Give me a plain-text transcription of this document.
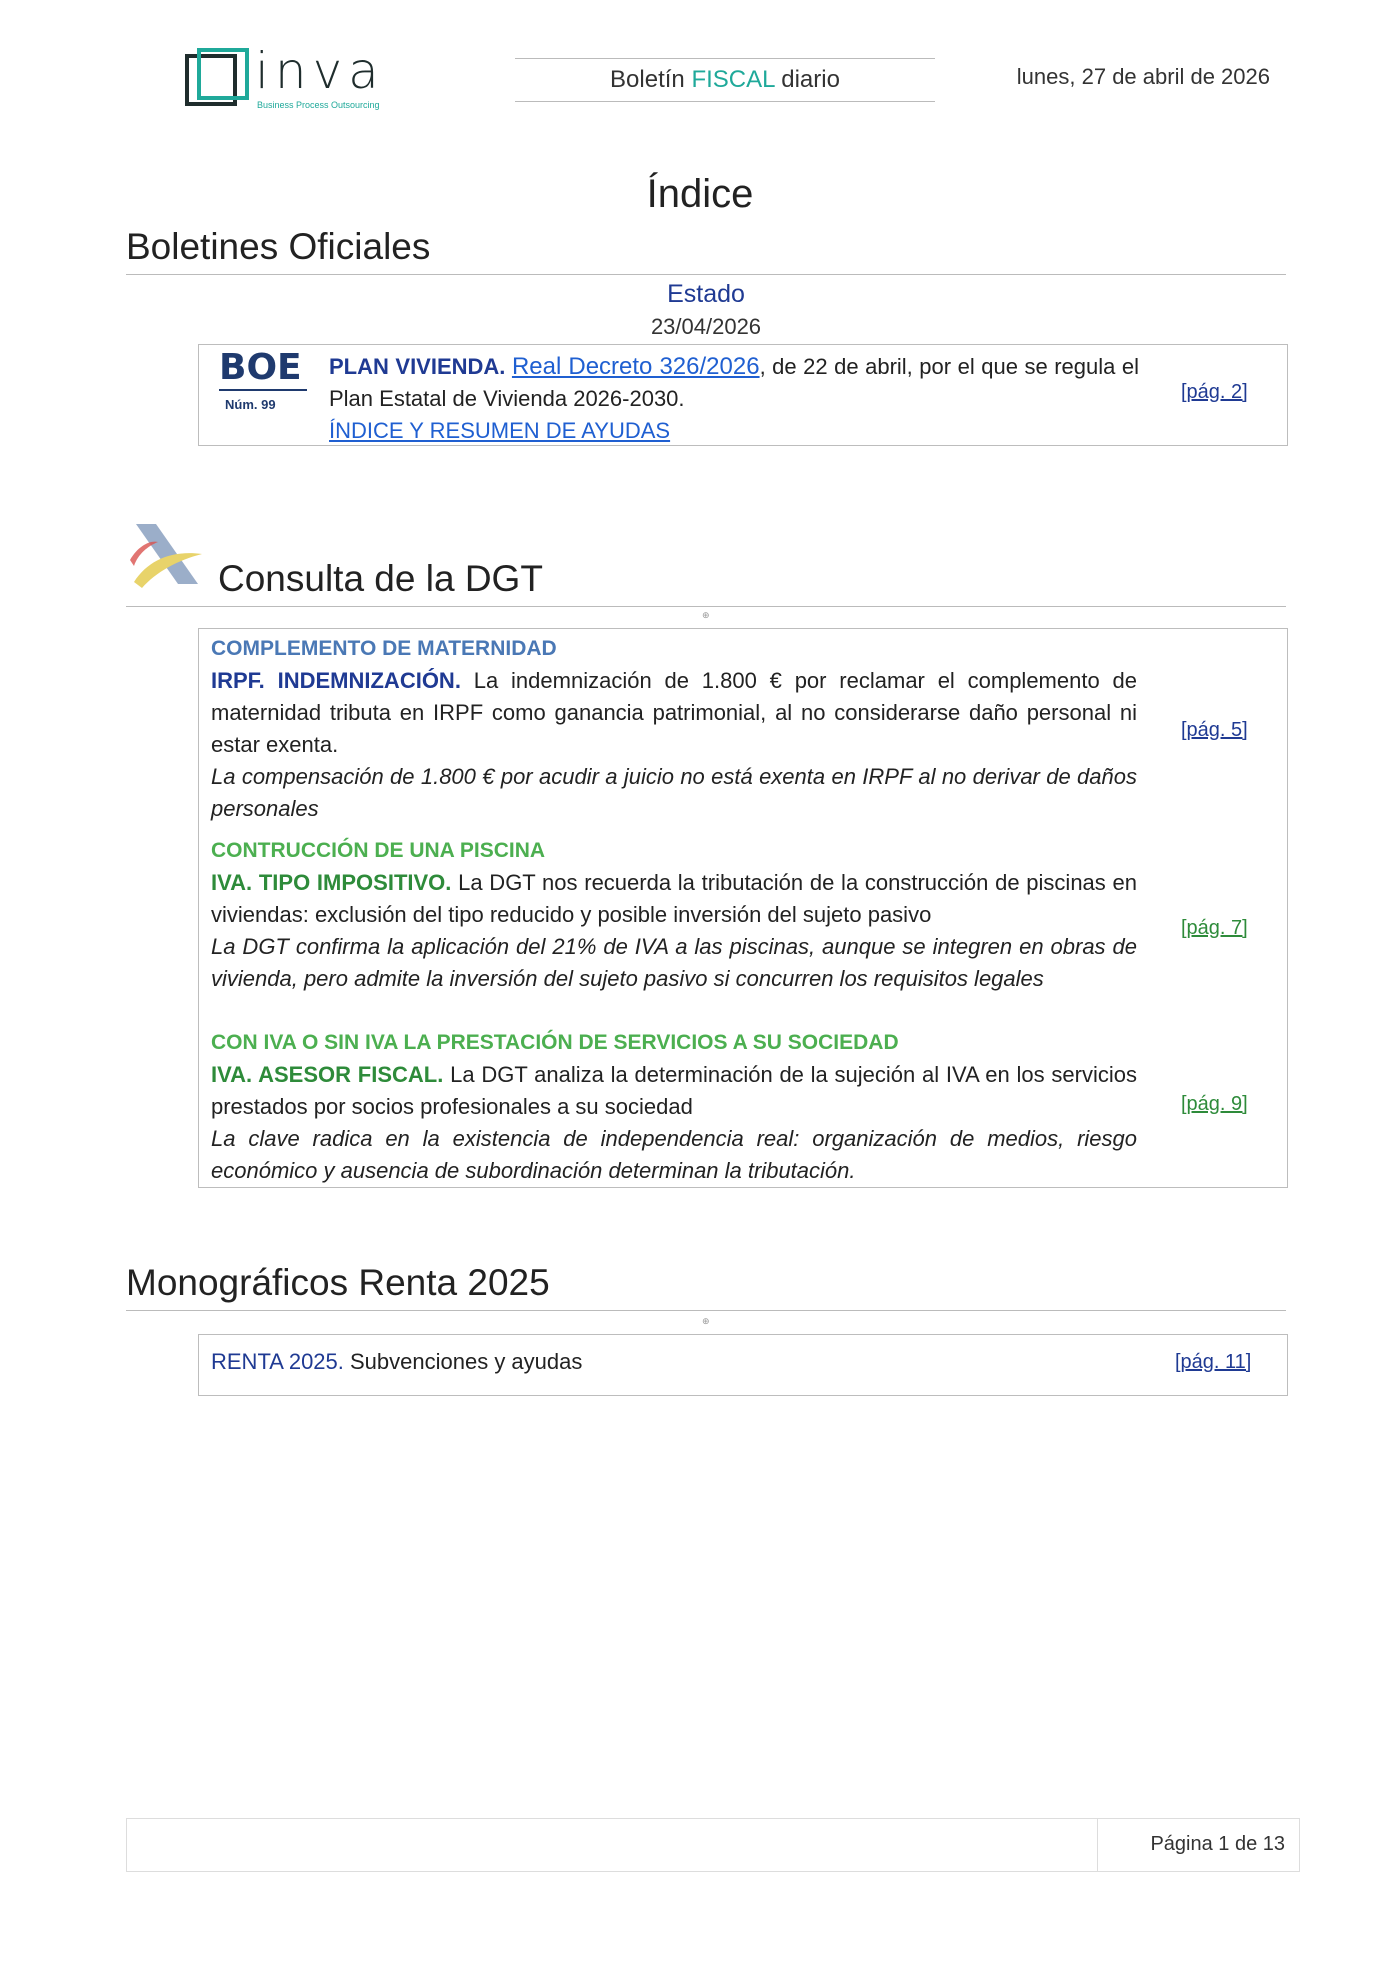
inva
Business Process Outsourcing
Boletín FISCAL diario	lunes, 27 de abril de 2026
Índice
Boletines Oficiales
Estado
23/04/2026
BOE
Núm. 99
PLAN VIVIENDA. Real Decreto 326/2026, de 22 de abril, por el que se regula el Plan Estatal de Vivienda 2026-2030.
ÍNDICE Y RESUMEN DE AYUDAS
[pág. 2]
Consulta de la DGT
⊕
COMPLEMENTO DE MATERNIDAD
IRPF. INDEMNIZACIÓN. La indemnización de 1.800 € por reclamar el complemento de maternidad tributa en IRPF como ganancia patrimonial, al no considerarse daño personal ni estar exenta.
La compensación de 1.800 € por acudir a juicio no está exenta en IRPF al no derivar de daños personales
[pág. 5]
CONTRUCCIÓN DE UNA PISCINA
IVA. TIPO IMPOSITIVO. La DGT nos recuerda la tributación de la construcción de piscinas en viviendas: exclusión del tipo reducido y posible inversión del sujeto pasivo
La DGT confirma la aplicación del 21% de IVA a las piscinas, aunque se integren en obras de vivienda, pero admite la inversión del sujeto pasivo si concurren los requisitos legales
[pág. 7]
CON IVA O SIN IVA LA PRESTACIÓN DE SERVICIOS A SU SOCIEDAD
IVA. ASESOR FISCAL. La DGT analiza la determinación de la sujeción al IVA en los servicios prestados por socios profesionales a su sociedad
La clave radica en la existencia de independencia real: organización de medios, riesgo económico y ausencia de subordinación determinan la tributación.
[pág. 9]
Monográficos Renta 2025
⊕
RENTA 2025. Subvenciones y ayudas	[pág. 11]
Página 1 de 13
